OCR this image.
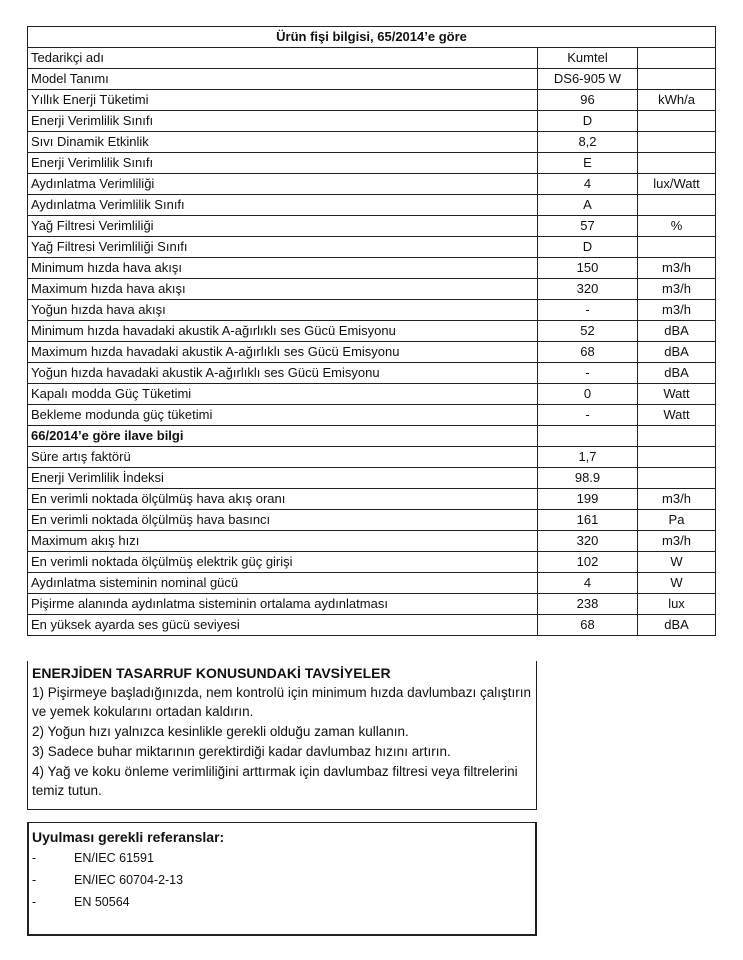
Ürün fişi bilgisi, 65/2014’e göre		
Tedarikçi adı	Kumtel	
Model Tanımı	DS6-905 W	
Yıllık Enerji Tüketimi	96	kWh/a
Enerji Verimlilik Sınıfı	D	
Sıvı Dinamik Etkinlik	8,2	
Enerji Verimlilik Sınıfı	E	
Aydınlatma Verimliliği	4	lux/Watt
Aydınlatma Verimlilik Sınıfı	A	
Yağ Filtresi Verimliliği	57	%
Yağ Filtresi Verimliliği Sınıfı	D	
Minimum hızda hava akışı	150	m3/h
Maximum hızda hava akışı	320	m3/h
Yoğun hızda hava akışı	-	m3/h
Minimum hızda havadaki akustik A-ağırlıklı ses Gücü Emisyonu	52	dBA
Maximum hızda havadaki akustik A-ağırlıklı ses Gücü Emisyonu	68	dBA
Yoğun hızda havadaki akustik A-ağırlıklı ses Gücü Emisyonu	-	dBA
Kapalı modda Güç Tüketimi	0	Watt
Bekleme modunda güç tüketimi	-	Watt
66/2014’e göre ilave bilgi		
Süre artış faktörü	1,7	
Enerji Verimlilik İndeksi	98.9	
En verimli noktada ölçülmüş hava akış oranı	199	m3/h
En verimli noktada ölçülmüş hava basıncı	161	Pa
Maximum akış hızı	320	m3/h
En verimli noktada ölçülmüş elektrik güç girişi	102	W
Aydınlatma sisteminin nominal gücü	4	W
Pişirme alanında aydınlatma sisteminin ortalama aydınlatması	238	lux
En yüksek ayarda ses gücü seviyesi	68	dBA
ENERJİDEN TASARRUF KONUSUNDAKİ TAVSİYELER
1) Pişirmeye başladığınızda, nem kontrolü için minimum hızda davlumbazı çalıştırın ve yemek kokularını ortadan kaldırın.
2) Yoğun hızı yalnızca kesinlikle gerekli olduğu zaman kullanın.
3) Sadece buhar miktarının gerektirdiği kadar davlumbaz hızını artırın.
4) Yağ ve koku önleme verimliliğini arttırmak için davlumbaz filtresi veya filtrelerini temiz tutun.
Uyulması gerekli referanslar:
-	EN/IEC 61591
-	EN/IEC 60704-2-13
-	EN 50564
